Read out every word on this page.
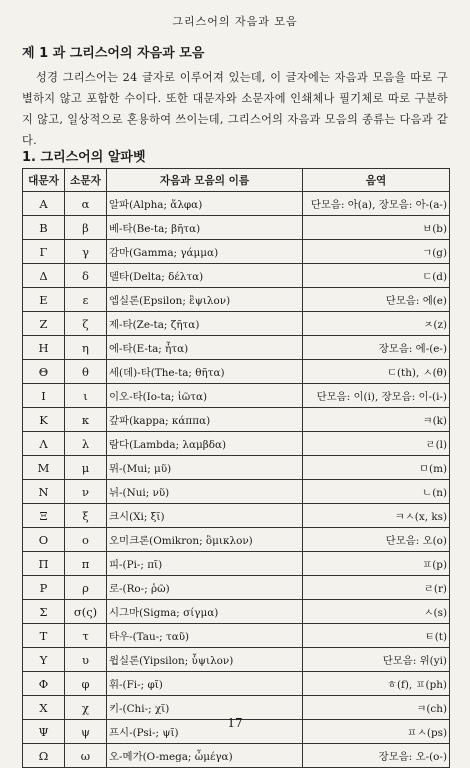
그리스어의 자음과 모음
제 1 과 그리스어의 자음과 모음

성경 그리스어는 24 글자로 이루어져 있는데, 이 글자에는 자음과 모음을 따로 구별하지 않고 포함한 수이다. 또한 대문자와 소문자에 인쇄체나 필기체로 따로 구분하지 않고, 일상적으로 혼용하여 쓰이는데, 그리스어의 자음과 모음의 종류는 다음과 같다.

1. 그리스어의 알파벳
대문자	소문자	자음과 모음의 이름	음역
Α	α	알파(Alpha; ἄλφα)	단모음: 아(a), 장모음: 아-(a-)
Β	β	베-타(Be-ta; βῆτα)	ㅂ(b)
Γ	γ	감마(Gamma; γάμμα)	ㄱ(g)
Δ	δ	델타(Delta; δέλτα)	ㄷ(d)
Ε	ε	엡실론(Epsilon; ἒψιλον)	단모음: 에(e)
Ζ	ζ	제-타(Ze-ta; ζῆτα)	ㅈ(z)
Η	η	에-타(E-ta; ἦτα)	장모음: 에-(e-)
Θ	θ	세(데)-타(The-ta; θῆτα)	ㄷ(th), ㅅ(θ)
Ι	ι	이오-타(Io-ta; ἰῶτα)	단모음: 이(i), 장모음: 이-(i-)
Κ	κ	갚파(kappa; κάππα)	ㅋ(k)
Λ	λ	람다(Lambda; λαμβδα)	ㄹ(l)
Μ	μ	뮈-(Mui; μῦ)	ㅁ(m)
Ν	ν	뉘-(Nui; νῦ)	ㄴ(n)
Ξ	ξ	크시(Xi; ξῖ)	ㅋㅅ(x, ks)
Ο	ο	오미크론(Omikron; ὂμικλον)	단모음: 오(o)
Π	π	피-(Pi-; πῖ)	ㅍ(p)
Ρ	ρ	로-(Ro-; ῥῶ)	ㄹ(r)
Σ	σ(ς)	시그마(Sigma; σίγμα)	ㅅ(s)
Τ	τ	타우-(Tau-; ταῦ)	ㅌ(t)
Υ	υ	윕실론(Yipsilon; ὖψιλον)	단모음: 위(yi)
Φ	φ	휘-(Fi-; φῖ)	ㅎ(f), ㅍ(ph)
Χ	χ	키-(Chi-; χῖ)	ㅋ(ch)
Ψ	ψ	프시-(Psi-; ψῖ)	ㅍㅅ(ps)
Ω	ω	오-메가(O-mega; ὦμέγα)	장모음: 오-(o-)
17
